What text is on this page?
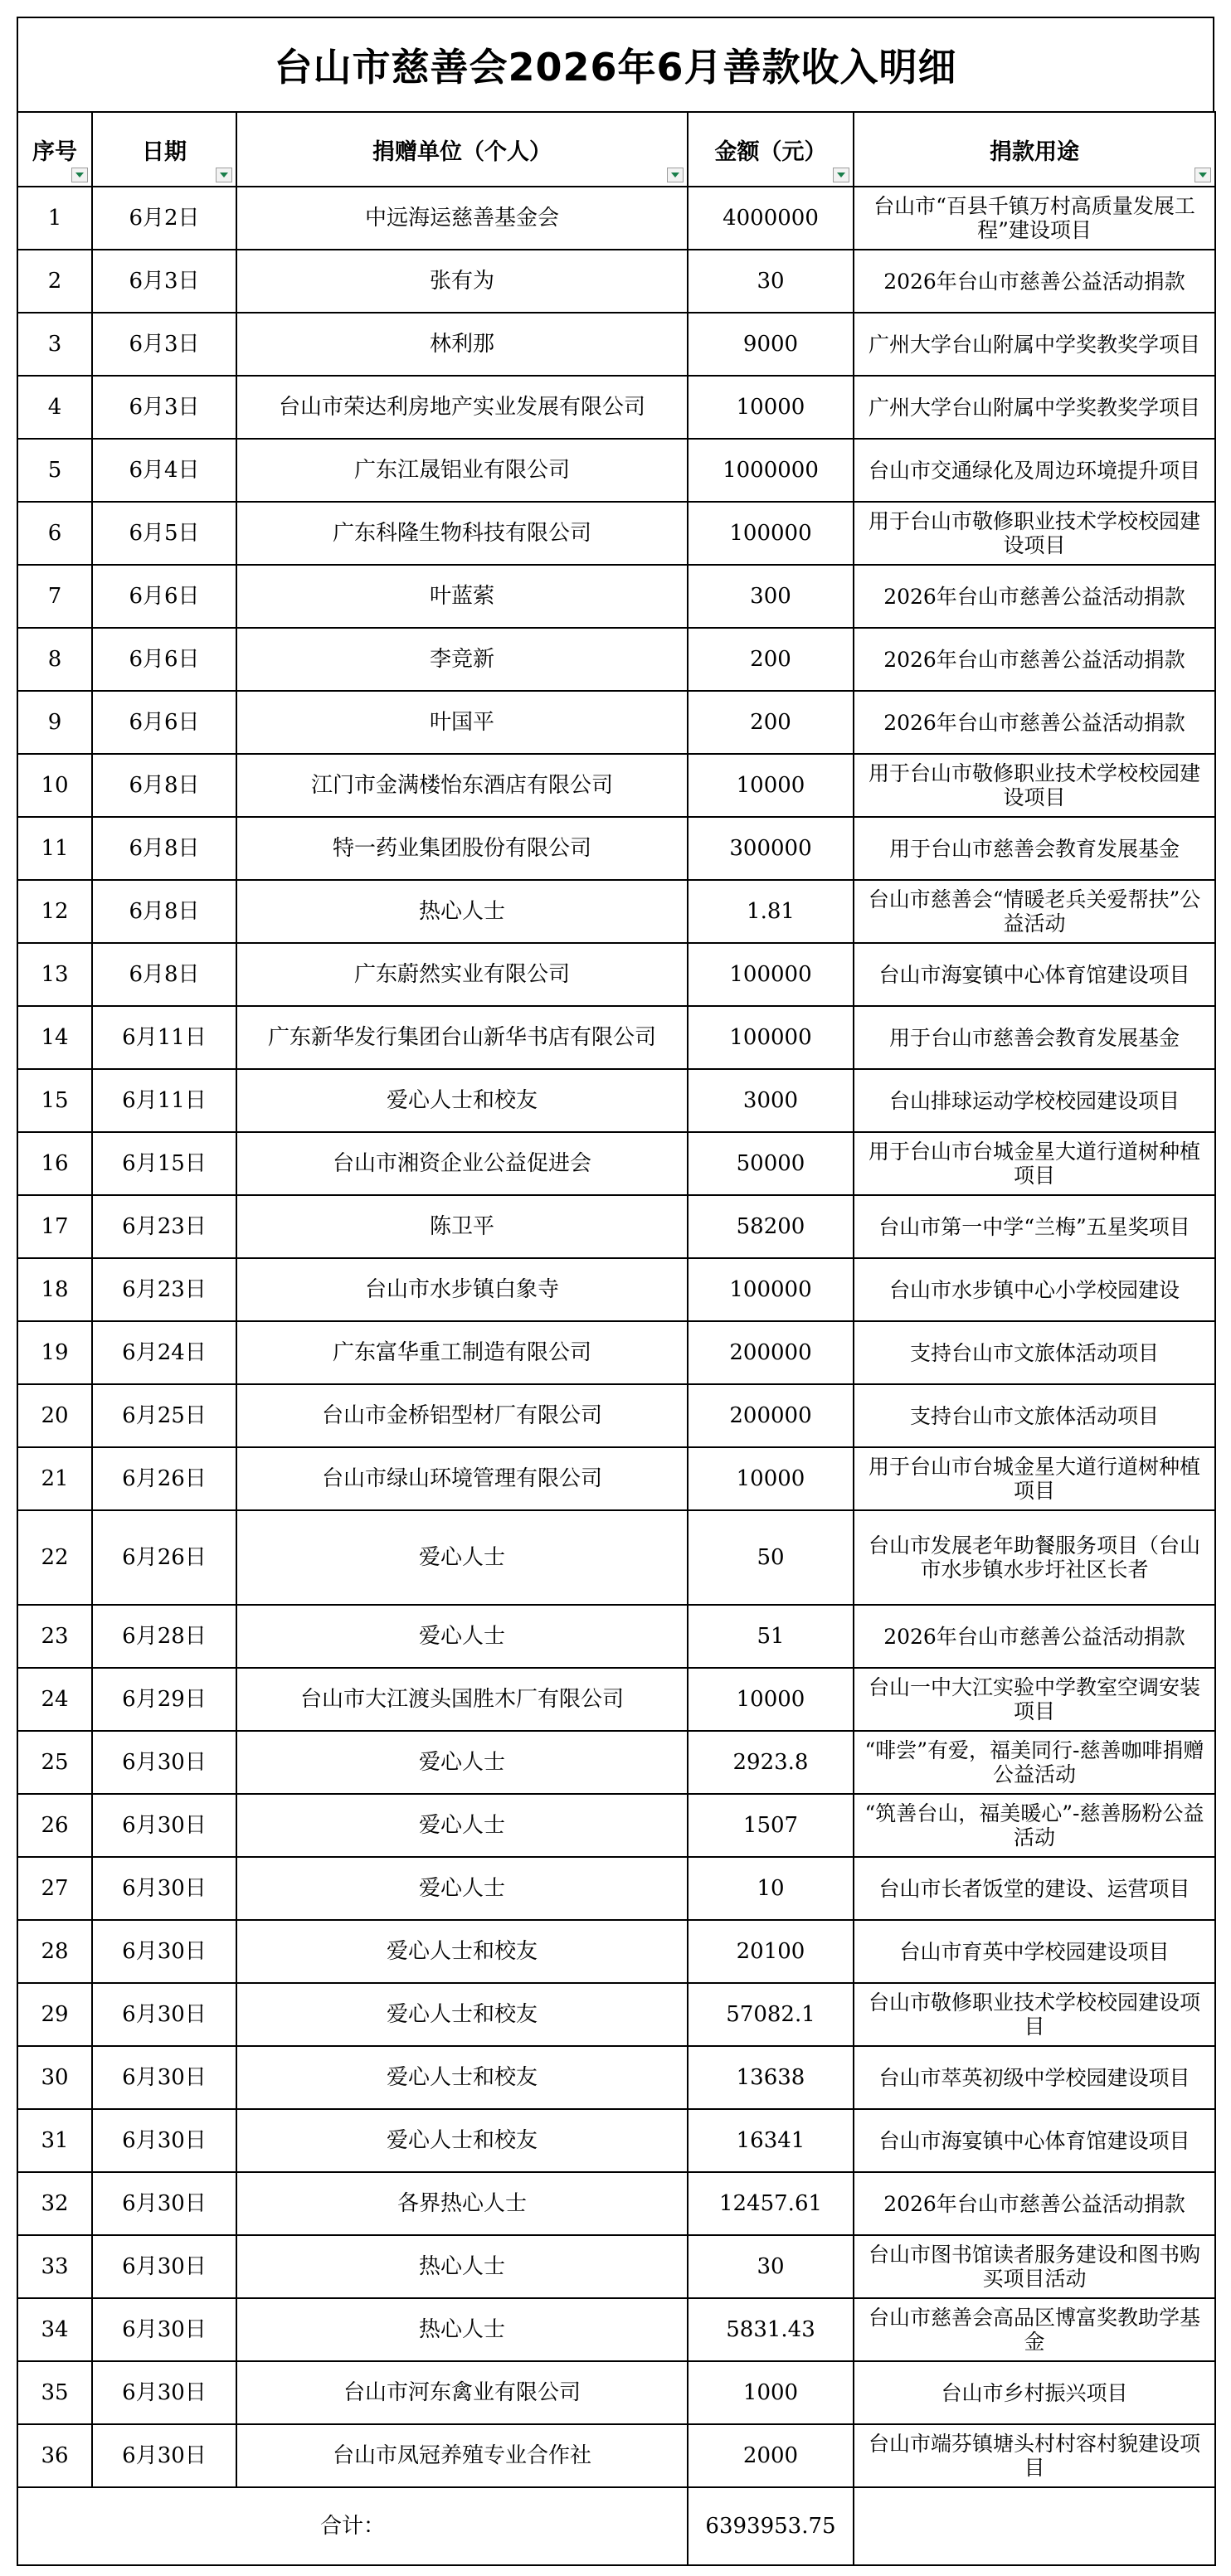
台山市慈善会2026年6月善款收入明细
序号	日期	捐赠单位（个人）	金额（元）	捐款用途

1	6月2日	中远海运慈善基金会	4000000	台山市“百县千镇万村高质量发展工程”建设项目
2	6月3日	张有为	30	2026年台山市慈善公益活动捐款
3	6月3日	林利那	9000	广州大学台山附属中学奖教奖学项目
4	6月3日	台山市荣达利房地产实业发展有限公司	10000	广州大学台山附属中学奖教奖学项目
5	6月4日	广东江晟铝业有限公司	1000000	台山市交通绿化及周边环境提升项目
6	6月5日	广东科隆生物科技有限公司	100000	用于台山市敬修职业技术学校校园建设项目
7	6月6日	叶蓝萦	300	2026年台山市慈善公益活动捐款
8	6月6日	李竞新	200	2026年台山市慈善公益活动捐款
9	6月6日	叶国平	200	2026年台山市慈善公益活动捐款
10	6月8日	江门市金满楼怡东酒店有限公司	10000	用于台山市敬修职业技术学校校园建设项目
11	6月8日	特一药业集团股份有限公司	300000	用于台山市慈善会教育发展基金
12	6月8日	热心人士	1.81	台山市慈善会“情暖老兵关爱帮扶”公益活动
13	6月8日	广东蔚然实业有限公司	100000	台山市海宴镇中心体育馆建设项目
14	6月11日	广东新华发行集团台山新华书店有限公司	100000	用于台山市慈善会教育发展基金
15	6月11日	爱心人士和校友	3000	台山排球运动学校校园建设项目
16	6月15日	台山市湘资企业公益促进会	50000	用于台山市台城金星大道行道树种植项目
17	6月23日	陈卫平	58200	台山市第一中学“兰梅”五星奖项目
18	6月23日	台山市水步镇白象寺	100000	台山市水步镇中心小学校园建设
19	6月24日	广东富华重工制造有限公司	200000	支持台山市文旅体活动项目
20	6月25日	台山市金桥铝型材厂有限公司	200000	支持台山市文旅体活动项目
21	6月26日	台山市绿山环境管理有限公司	10000	用于台山市台城金星大道行道树种植项目
22	6月26日	爱心人士	50	台山市发展老年助餐服务项目（台山市水步镇水步圩社区长者
23	6月28日	爱心人士	51	2026年台山市慈善公益活动捐款
24	6月29日	台山市大江渡头国胜木厂有限公司	10000	台山一中大江实验中学教室空调安装项目
25	6月30日	爱心人士	2923.8	“啡尝”有爱，福美同行-慈善咖啡捐赠公益活动
26	6月30日	爱心人士	1507	“筑善台山，福美暖心”-慈善肠粉公益活动
27	6月30日	爱心人士	10	台山市长者饭堂的建设、运营项目
28	6月30日	爱心人士和校友	20100	台山市育英中学校园建设项目
29	6月30日	爱心人士和校友	57082.1	台山市敬修职业技术学校校园建设项目
30	6月30日	爱心人士和校友	13638	台山市萃英初级中学校园建设项目
31	6月30日	爱心人士和校友	16341	台山市海宴镇中心体育馆建设项目
32	6月30日	各界热心人士	12457.61	2026年台山市慈善公益活动捐款
33	6月30日	热心人士	30	台山市图书馆读者服务建设和图书购买项目活动
34	6月30日	热心人士	5831.43	台山市慈善会高品区博富奖教助学基金
35	6月30日	台山市河东禽业有限公司	1000	台山市乡村振兴项目
36	6月30日	台山市凤冠养殖专业合作社	2000	台山市端芬镇塘头村村容村貌建设项目
合计：			6393953.75	
